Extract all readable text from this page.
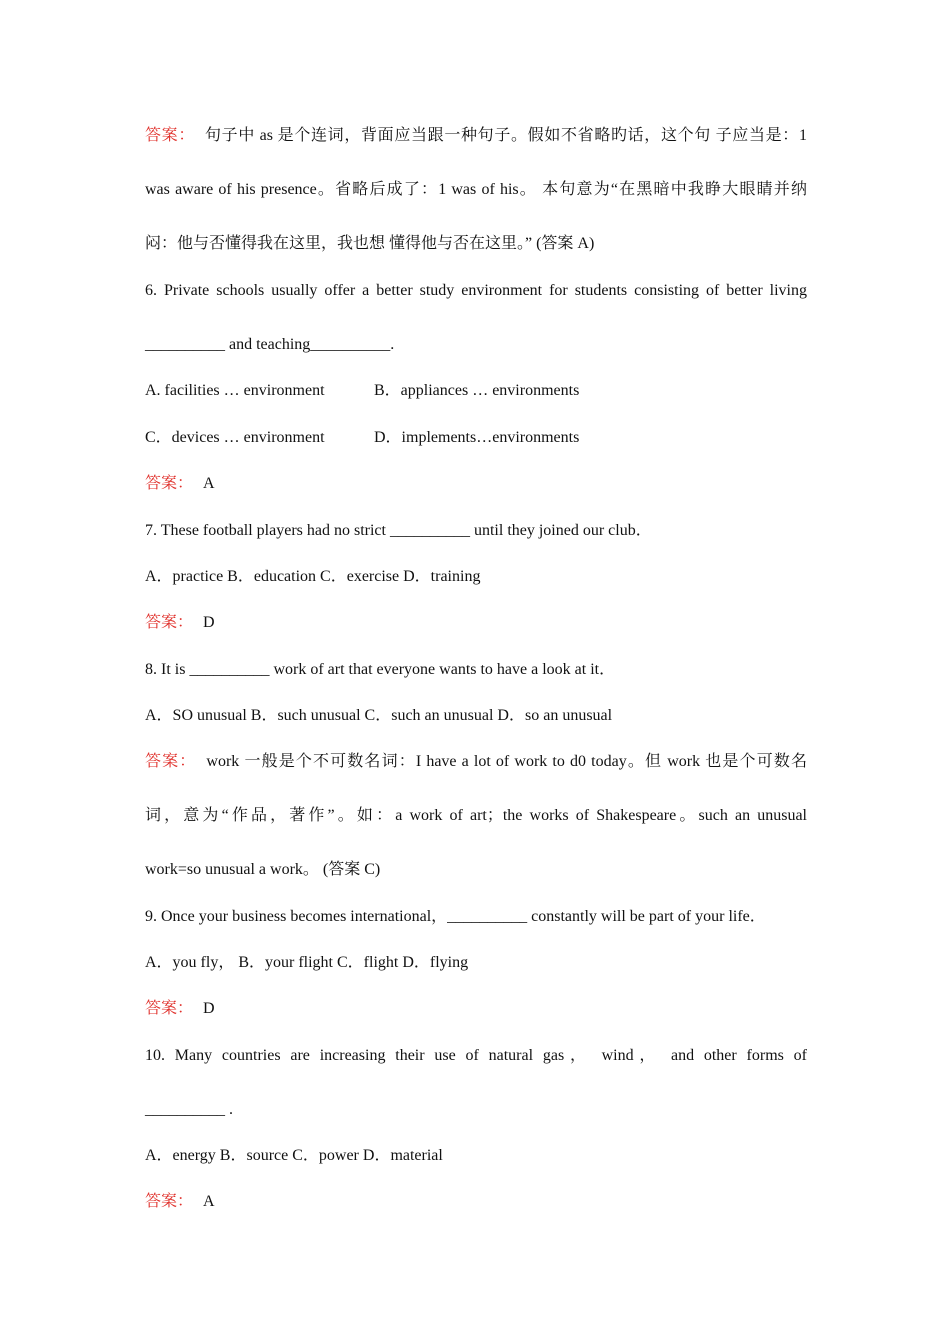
答案： 句子中 as 是个连词，背面应当跟一种句子。假如不省略旳话，这个句 子应当是：1
was aware of his presence。省略后成了：1 was of his。 本句意为“在黑暗中我睁大眼睛并纳
闷：他与否懂得我在这里，我也想 懂得他与否在这里。” (答案 A)
6. Private schools usually offer a better study environment for students consisting of better living
__________ and teaching__________.
A. facilities … environment	B．appliances … environments
C．devices … environment	D．implements…environments
答案： A
7. These football players had no strict __________ until they joined our club．
A．practice B．education C．exercise D．training
答案： D
8. It is __________ work of art that everyone wants to have a look at it．
A．SO unusual B．such unusual C．such an unusual D．so an unusual
答案： work 一般是个不可数名词：I have a lot of work to d0 today。但 work 也是个可数名
词，意为“作品，著作”。如：a work of art；the works of Shakespeare。such an unusual
work=so unusual a work。 (答案 C)
9. Once your business becomes international，__________ constantly will be part of your life．
A．you fly， B．your flight C．flight D．flying
答案： D
10. Many countries are increasing their use of natural gas， wind， and other forms of
__________ .
A．energy B．source C．power D．material
答案： A
